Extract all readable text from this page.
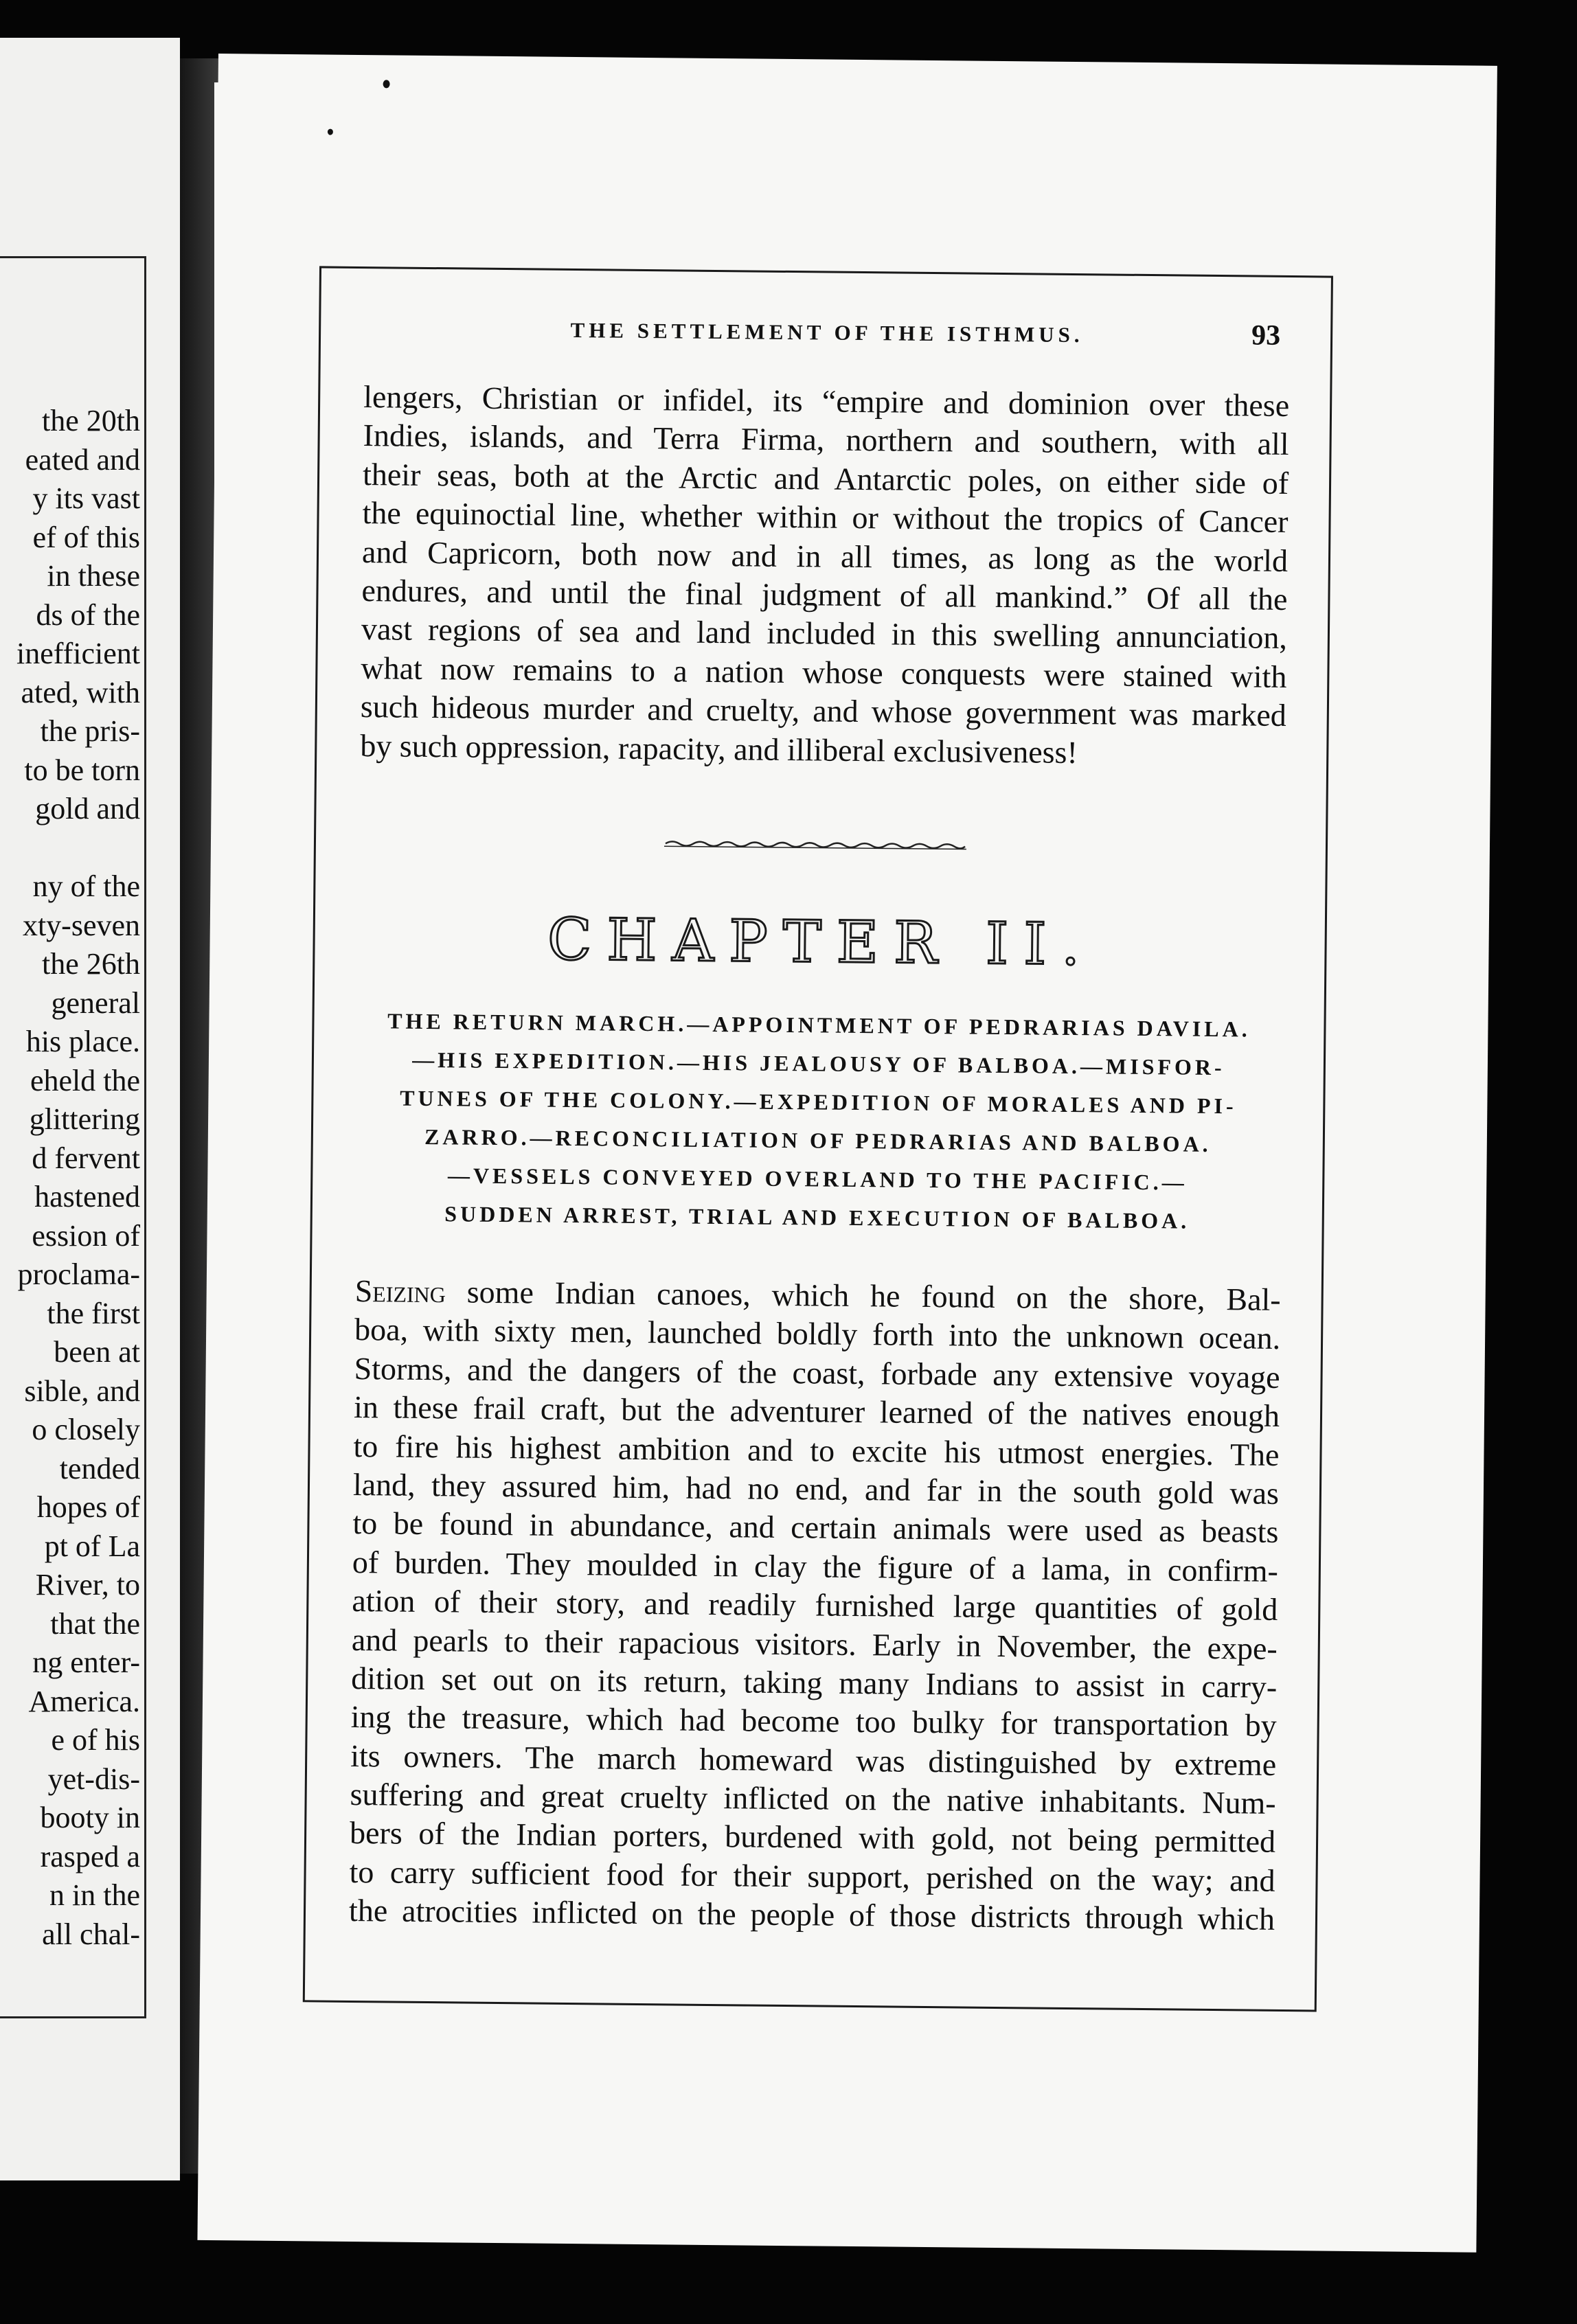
the 20th
eated and
y its vast
ef of this
in these
ds of the
inefficient
ated, with
the pris-
to be torn
gold and
ny of the
xty-seven
the 26th
general
his place.
eheld the
glittering
d fervent
hastened
ession of
proclama-
the first
been at
sible, and
o closely
tended
hopes of
pt of La
River, to
that the
ng enter-
America.
e of his
yet-dis-
booty in
rasped a
n in the
all chal-
THE SETTLEMENT OF THE ISTHMUS.	93
lengers, Christian or infidel, its “empire and dominion over these
Indies, islands, and Terra Firma, northern and southern, with all
their seas, both at the Arctic and Antarctic poles, on either side of
the equinoctial line, whether within or without the tropics of Cancer
and Capricorn, both now and in all times, as long as the world
endures, and until the final judgment of all mankind.” Of all the
vast regions of sea and land included in this swelling annunciation,
what now remains to a nation whose conquests were stained with
such hideous murder and cruelty, and whose government was marked
by such oppression, rapacity, and illiberal exclusiveness!
CHAPTER II.
THE RETURN MARCH.—APPOINTMENT OF PEDRARIAS DAVILA.
—HIS EXPEDITION.—HIS JEALOUSY OF BALBOA.—MISFOR-
TUNES OF THE COLONY.—EXPEDITION OF MORALES AND PI-
ZARRO.—RECONCILIATION OF PEDRARIAS AND BALBOA.
—VESSELS CONVEYED OVERLAND TO THE PACIFIC.—
SUDDEN ARREST, TRIAL AND EXECUTION OF BALBOA.
Seizing some Indian canoes, which he found on the shore, Bal-
boa, with sixty men, launched boldly forth into the unknown ocean.
Storms, and the dangers of the coast, forbade any extensive voyage
in these frail craft, but the adventurer learned of the natives enough
to fire his highest ambition and to excite his utmost energies. The
land, they assured him, had no end, and far in the south gold was
to be found in abundance, and certain animals were used as beasts
of burden. They moulded in clay the figure of a lama, in confirm-
ation of their story, and readily furnished large quantities of gold
and pearls to their rapacious visitors. Early in November, the expe-
dition set out on its return, taking many Indians to assist in carry-
ing the treasure, which had become too bulky for transportation by
its owners. The march homeward was distinguished by extreme
suffering and great cruelty inflicted on the native inhabitants. Num-
bers of the Indian porters, burdened with gold, not being permitted
to carry sufficient food for their support, perished on the way; and
the atrocities inflicted on the people of those districts through which
